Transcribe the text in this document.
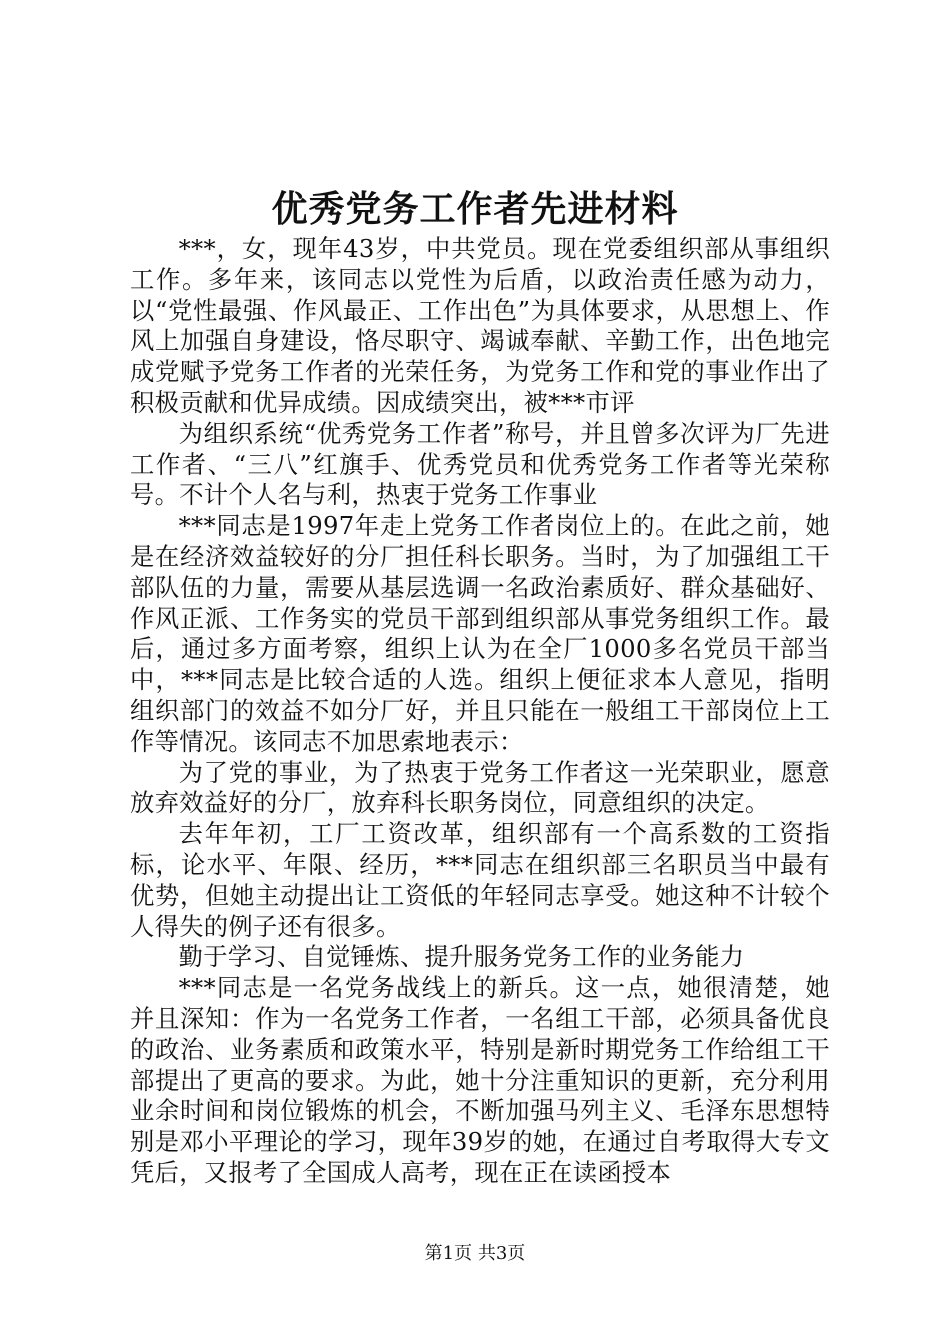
优秀党务工作者先进材料

***，女，现年43岁，中共党员。现在党委组织部从事组织工作。多年来，该同志以党性为后盾，以政治责任感为动力，以“党性最强、作风最正、工作出色”为具体要求，从思想上、作风上加强自身建设，恪尽职守、竭诚奉献、辛勤工作，出色地完成党赋予党务工作者的光荣任务，为党务工作和党的事业作出了积极贡献和优异成绩。因成绩突出，被***市评

为组织系统“优秀党务工作者”称号，并且曾多次评为厂先进工作者、“三八”红旗手、优秀党员和优秀党务工作者等光荣称号。不计个人名与利，热衷于党务工作事业

***同志是1997年走上党务工作者岗位上的。在此之前，她是在经济效益较好的分厂担任科长职务。当时，为了加强组工干部队伍的力量，需要从基层选调一名政治素质好、群众基础好、作风正派、工作务实的党员干部到组织部从事党务组织工作。最后，通过多方面考察，组织上认为在全厂1000多名党员干部当中，***同志是比较合适的人选。组织上便征求本人意见，指明组织部门的效益不如分厂好，并且只能在一般组工干部岗位上工作等情况。该同志不加思索地表示：

为了党的事业，为了热衷于党务工作者这一光荣职业，愿意放弃效益好的分厂，放弃科长职务岗位，同意组织的决定。

去年年初，工厂工资改革，组织部有一个高系数的工资指标，论水平、年限、经历，***同志在组织部三名职员当中最有优势，但她主动提出让工资低的年轻同志享受。她这种不计较个人得失的例子还有很多。

勤于学习、自觉锤炼、提升服务党务工作的业务能力

***同志是一名党务战线上的新兵。这一点，她很清楚，她并且深知：作为一名党务工作者，一名组工干部，必须具备优良的政治、业务素质和政策水平，特别是新时期党务工作给组工干部提出了更高的要求。为此，她十分注重知识的更新，充分利用业余时间和岗位锻炼的机会，不断加强马列主义、毛泽东思想特别是邓小平理论的学习，现年39岁的她，在通过自考取得大专文凭后，又报考了全国成人高考，现在正在读函授本

第1页 共3页
